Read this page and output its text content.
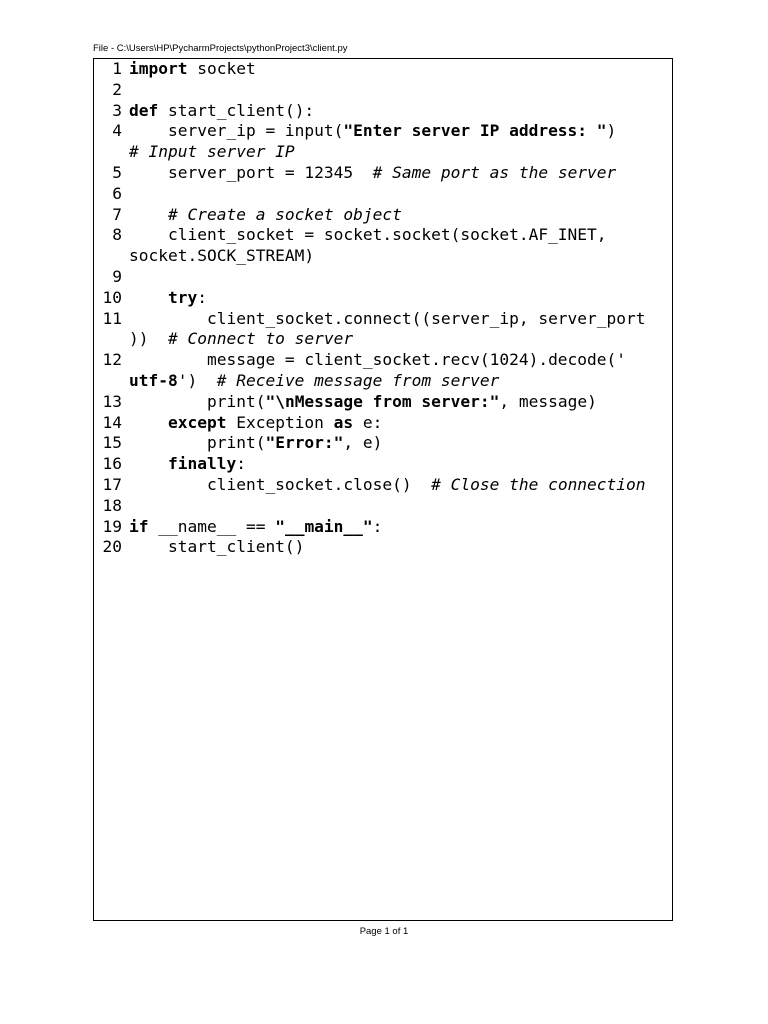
File - C:\Users\HP\PycharmProjects\pythonProject3\client.py
1 import socket
2

3 def start_client():
4 server_ip = input("Enter server IP address: ")
# Input server IP
5 server_port = 12345  # Same port as the server
6

7	# Create a socket object
8 client_socket = socket.socket(socket.AF_INET,
socket.SOCK_STREAM)
9

10	try:
11 client_socket.connect((server_ip, server_port
))  # Connect to server
12 message = client_socket.recv(1024).decode('
utf-8')  # Receive message from server
13 print("\nMessage from server:", message)
14	except Exception as e:
15 print("Error:", e)
16	finally:
17 client_socket.close()  # Close the connection
18

19 if __name__ == "__main__":
20 start_client()
Page 1 of 1
